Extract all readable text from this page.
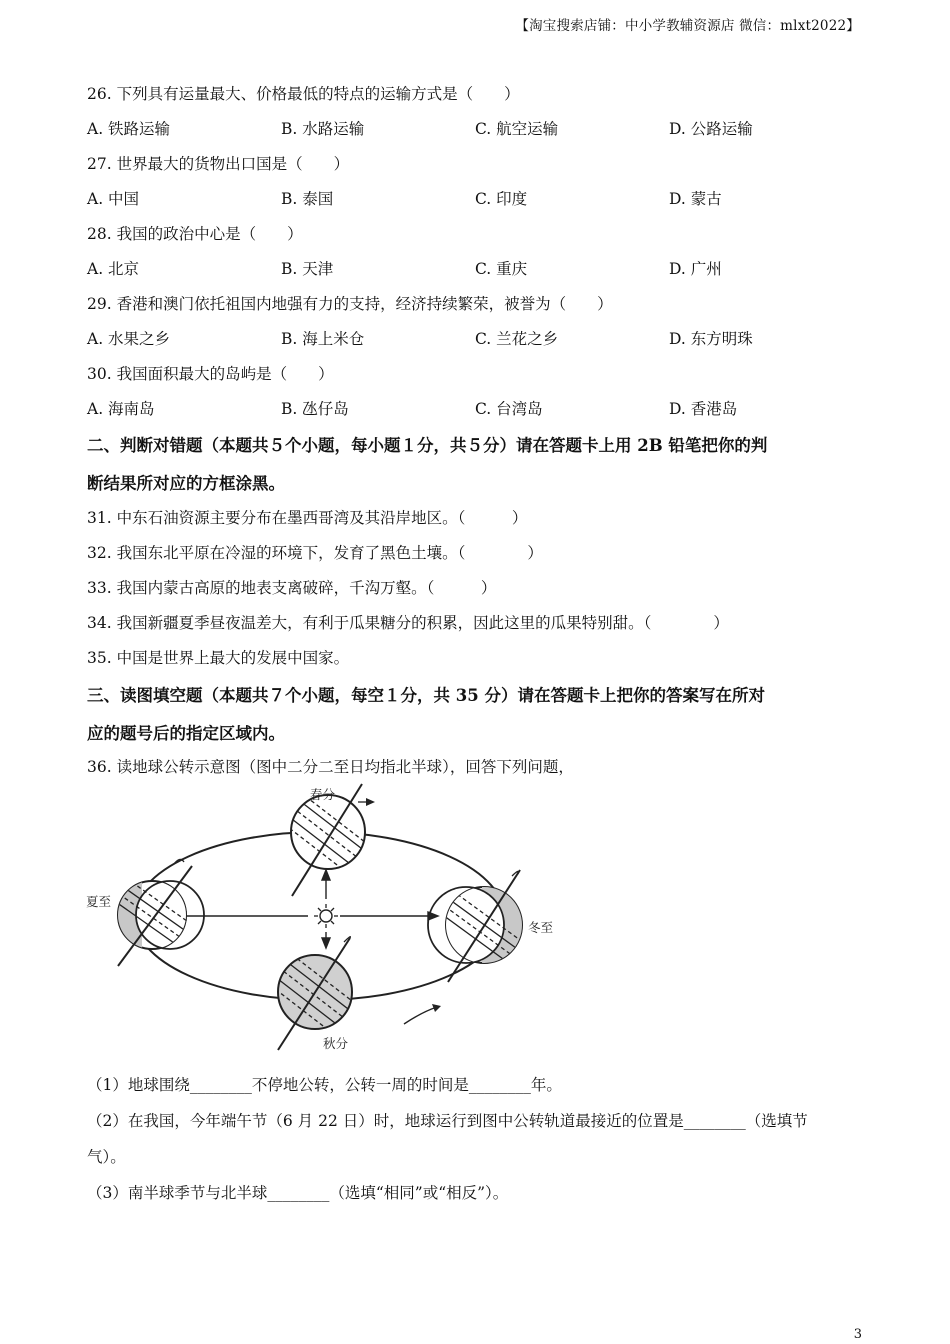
【淘宝搜索店铺：中小学教辅资源店 微信：mlxt2022】
26. 下列具有运量最大、价格最低的特点的运输方式是（　　）
A. 铁路运输	B. 水路运输	C. 航空运输	D. 公路运输
27. 世界最大的货物出口国是（　　）
A. 中国	B. 泰国	C. 印度	D. 蒙古
28. 我国的政治中心是（　　）
A. 北京	B. 天津	C. 重庆	D. 广州
29. 香港和澳门依托祖国内地强有力的支持，经济持续繁荣，被誉为（　　）
A. 水果之乡	B. 海上米仓	C. 兰花之乡	D. 东方明珠
30. 我国面积最大的岛屿是（　　）
A. 海南岛	B. 氹仔岛	C. 台湾岛	D. 香港岛
二、判断对错题（本题共５个小题，每小题１分，共５分）请在答题卡上用 2B 铅笔把你的判
断结果所对应的方框涂黑。
31. 中东石油资源主要分布在墨西哥湾及其沿岸地区。（　　　）
32. 我国东北平原在冷湿的环境下，发育了黑色土壤。（　　　　）
33. 我国内蒙古高原的地表支离破碎，千沟万壑。（　　　）
34. 我国新疆夏季昼夜温差大，有利于瓜果糖分的积累，因此这里的瓜果特别甜。（　　　　）
35. 中国是世界上最大的发展中国家。
三、读图填空题（本题共７个小题，每空１分，共 35 分）请在答题卡上把你的答案写在所对
应的题号后的指定区域内。
36. 读地球公转示意图（图中二分二至日均指北半球），回答下列问题，
春分
夏至
冬至
秋分
（1）地球围绕________不停地公转，公转一周的时间是________年。
（2）在我国，今年端午节（6 月 22 日）时，地球运行到图中公转轨道最接近的位置是________（选填节
气）。
（3）南半球季节与北半球________（选填“相同”或“相反”）。
3
